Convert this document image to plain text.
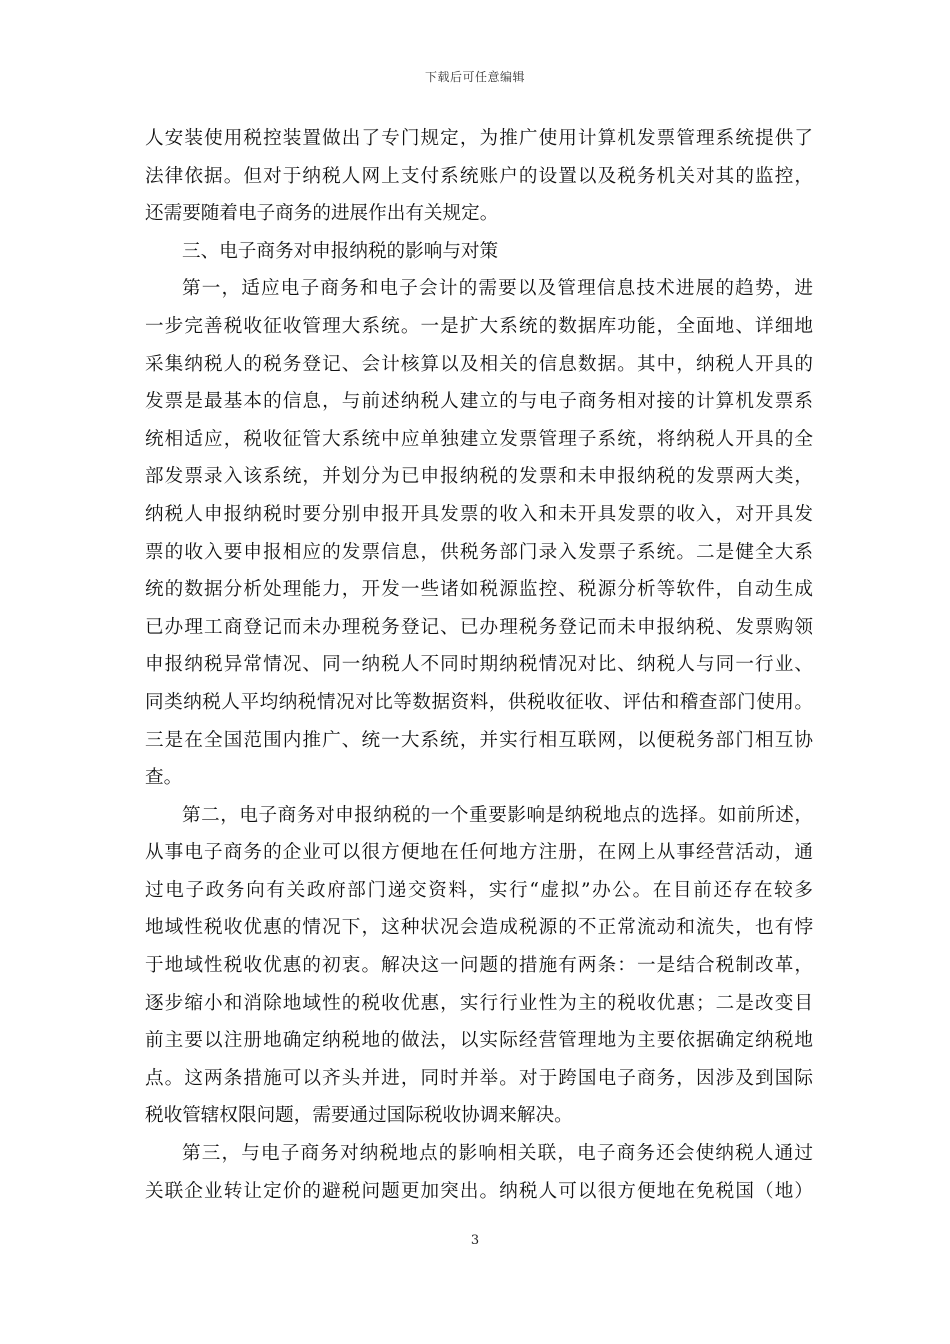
下载后可任意编辑
人安装使用税控装置做出了专门规定，为推广使用计算机发票管理系统提供了
法律依据。但对于纳税人网上支付系统账户的设置以及税务机关对其的监控，
还需要随着电子商务的进展作出有关规定。
三、电子商务对申报纳税的影响与对策
第一，适应电子商务和电子会计的需要以及管理信息技术进展的趋势，进
一步完善税收征收管理大系统。一是扩大系统的数据库功能，全面地、详细地
采集纳税人的税务登记、会计核算以及相关的信息数据。其中，纳税人开具的
发票是最基本的信息，与前述纳税人建立的与电子商务相对接的计算机发票系
统相适应，税收征管大系统中应单独建立发票管理子系统，将纳税人开具的全
部发票录入该系统，并划分为已申报纳税的发票和未申报纳税的发票两大类，
纳税人申报纳税时要分别申报开具发票的收入和未开具发票的收入，对开具发
票的收入要申报相应的发票信息，供税务部门录入发票子系统。二是健全大系
统的数据分析处理能力，开发一些诸如税源监控、税源分析等软件，自动生成
已办理工商登记而未办理税务登记、已办理税务登记而未申报纳税、发票购领
申报纳税异常情况、同一纳税人不同时期纳税情况对比、纳税人与同一行业、
同类纳税人平均纳税情况对比等数据资料，供税收征收、评估和稽查部门使用。
三是在全国范围内推广、统一大系统，并实行相互联网，以便税务部门相互协
查。
第二，电子商务对申报纳税的一个重要影响是纳税地点的选择。如前所述，
从事电子商务的企业可以很方便地在任何地方注册，在网上从事经营活动，通
过电子政务向有关政府部门递交资料，实行“虚拟”办公。在目前还存在较多
地域性税收优惠的情况下，这种状况会造成税源的不正常流动和流失，也有悖
于地域性税收优惠的初衷。解决这一问题的措施有两条：一是结合税制改革，
逐步缩小和消除地域性的税收优惠，实行行业性为主的税收优惠；二是改变目
前主要以注册地确定纳税地的做法，以实际经营管理地为主要依据确定纳税地
点。这两条措施可以齐头并进，同时并举。对于跨国电子商务，因涉及到国际
税收管辖权限问题，需要通过国际税收协调来解决。
第三，与电子商务对纳税地点的影响相关联，电子商务还会使纳税人通过
关联企业转让定价的避税问题更加突出。纳税人可以很方便地在免税国（地）
3
